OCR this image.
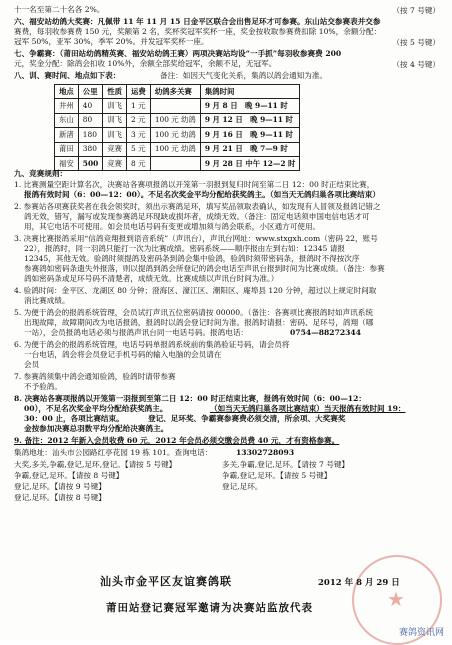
十一名至第二十名各 2%。	（按 7 号键）
六、福安站幼鸽大奖赛：凡佩带 11 年 11 月 15 日金平区联合会出售足环才可参赛。东山站交参赛表并交参
赛费，每羽收参赛费 150 元，奖额第 2 名，奖杯奖冠军奖杯一座，奖金按收取参赛费扣除 10%，余额分配：
冠军 50%，亚军 30%，季军 20%。并发冠军奖杯一座。	（按 5 号键）
七、争霸赛：（莆田站幼鸽精英赛、福安站幼鸽王赛）两项决赛站均设“一手抓”每羽收参赛费 200
元，奖金分配：除鸽会扣收 10%外，余额全部奖给冠军，余额不足，无冠军。	（按 4 号键）
八、训、赛时间、地点如下表：	备注：如因天气变化关系，集鸽以鸽会通知为准。
地点	公里	性质	运费	幼鸽多关赛	集鸽时间
井州	40	训飞	1 元		9 月 8 日　晚 9—11 时
东山	80	训飞	2 元	100 元 幼鸽	9 月 12 日　晚 9—11 时
新渚	180	训飞	3 元	100 元 幼鸽	9 月 16 日　晚 9—11 时
莆田	380	竞赛	5 元	100 元 幼鸽	9 月 21 日　晚 7—9 时
福安	500	竞赛	8 元		9 月 28 日 中午 12—2 时
九、竞赛规则：
1. 比赛测量空距计算名次，决赛站各赛项报鸽以开笼第一羽报到复归时间至第二日 12：00 时正结束比赛，
报鸽有效时间（6：00—12：00）。不足名次奖金平均分配给获奖鸽主。（如当天无鸽归巢各项比赛结束）
2. 参赛站各项赛获奖者在我会领奖时，须出示赛鸽足环，填写奖品领取表确认，如发现有人冒领及报鸽记错之
鸽无效，错写，漏写或发现参赛鸽足环现缺或损坏者，成绩无效。（备注：固定电话须申国电信电话才可
用，其它电话不可使用。如会员电话号码有变更或增加须与鸽会联系，小区通方可使用。
3. 决赛比赛报鸽采用“信鸽竞翔报到语音系统”（声讯台），声讯台网址：www.stxgxh.com（密码 22，账号
22），报鸽时，同一羽鸽只能打一次为比赛成绩。密码系统——顺序报由左到右如：12345 请报
12345，其他无效。验鸽时须提鸽及密码条到鸽会集中验鸽，验鸽时须带密码条，报鸽时不得按次序
参赛鸽如密码条遗失外报落，则以提鸽到鸽会所登记的鸽会电话至声讯台报到时间为比赛成绩。（备注：参赛
鸽如密码条或足环号码不清楚者，成绩无效。比赛成绩以声讯台时间为准。）
4. 验鸽时间：金平区、龙湖区 80 分钟；澄海区、濠江区、潮阳区、庵埠县 120 分钟，超过以上规定时间取
消比赛成绩。
5. 为便于鸽会的报鸽系统管理，会员试打声讯五位密码请按 00000。（备注：各赛项比赛报鸽时如声讯系统
出现故障，故障期间改为电话报鸽，报鸽时以鸽会登记时间为准。报鸽时请报：密码、足环号，鸽翔（哪
一站），会员报鸽电话必须与报鸽声讯台同一电话号码。报鸽电话：	0754—88272344
6. 为便于鸽会的报鸽系统管理，电话号码单报鸽系统前的集鸽验证号码，请会员将
一台电话，鸽会将会员登记手机号码的输入电脑的会员请在
会员
7. 参赛鸽须集中鸽会通知验鸽，验鸽时请带参赛
不予验鸽。
8. 决赛站各赛项报鸽以开笼第一羽报到至第二日 12：00 时正结束比赛，报鸽有效时间（6：00—12：
00），不足名次奖金平均分配给获奖鸽主。	（如当天无鸽归巢各项比赛结束）当天报鸽有效时间 19：
30：00 止，各项比赛结束。	登记、足环奖、争霸赛参赛费必须交清，所余项、大奖赛奖
金按参加决赛总羽数平均分配给决赛鸽主。
9. 备注：2012 年新入会员收费 60 元，2012 年会员必须交缴会员费 40 元，才有资格参赛。
集鸽地址：汕头市公园路红亭花园 19 栋 101。查询电话：	13302728093
大奖,多关,争霸,登记,足环,登记。【请按 5 号键】	多关,争霸,登记,足环。【请按 7 号键】
争霸,登记,足环。【请按 8 号键】	争霸,登记,足环。【请按 5 号键】
登记,足环。【请按 9 号键】	登记,足环。
登记,足环。【请按 8 号键】
★
汕头市金平区友谊赛鸽联	2012 年 8 月 29 日
莆田站登记赛冠军邀请为决赛站监放代表
赛鸽资讯网
